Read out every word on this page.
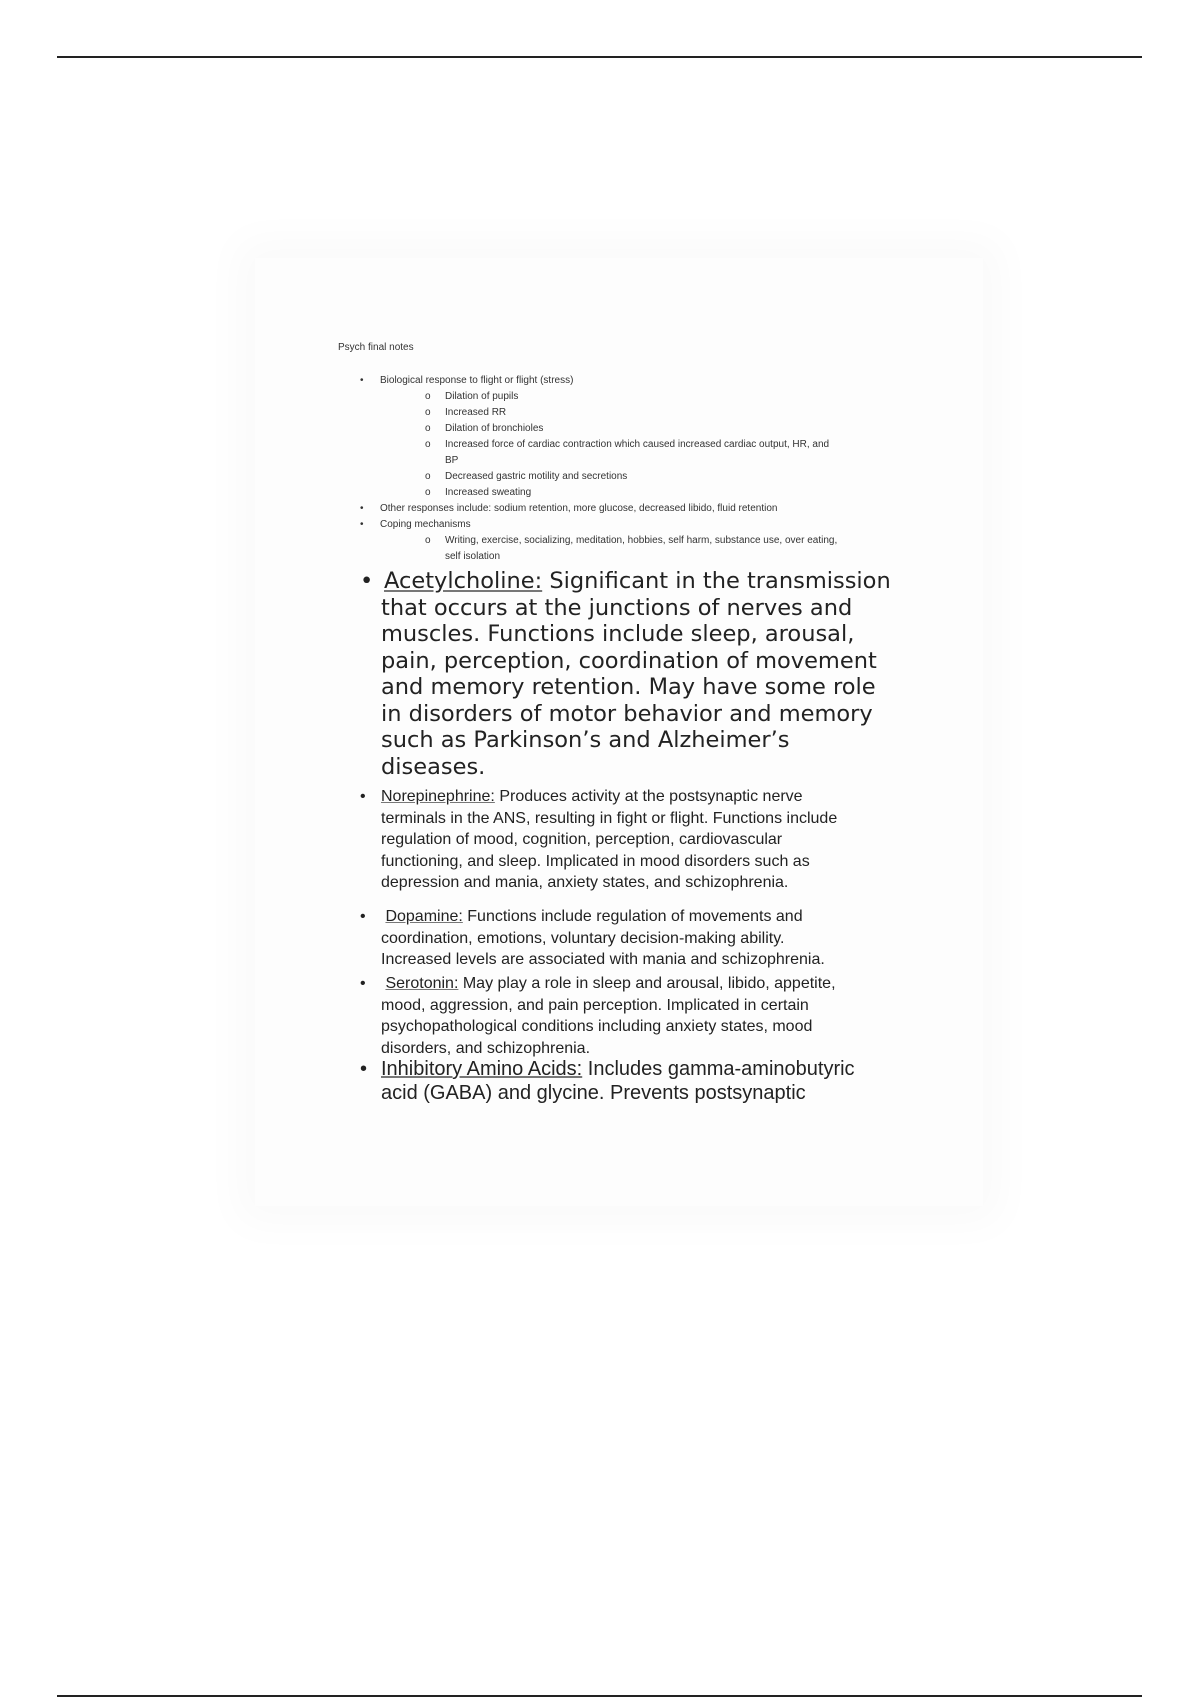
Psych final notes
• Biological response to flight or flight (stress)
o Dilation of pupils
o Increased RR
o Dilation of bronchioles
o Increased force of cardiac contraction which caused increased cardiac output, HR, and
BP
o Decreased gastric motility and secretions
o Increased sweating
• Other responses include: sodium retention, more glucose, decreased libido, fluid retention
• Coping mechanisms
o Writing, exercise, socializing, meditation, hobbies, self harm, substance use, over eating,
self isolation
• Acetylcholine: Significant in the transmission
that occurs at the junctions of nerves and
muscles. Functions include sleep, arousal,
pain, perception, coordination of movement
and memory retention. May have some role
in disorders of motor behavior and memory
such as Parkinson’s and Alzheimer’s
diseases.
• Norepinephrine: Produces activity at the postsynaptic nerve
terminals in the ANS, resulting in fight or flight. Functions include
regulation of mood, cognition, perception, cardiovascular
functioning, and sleep. Implicated in mood disorders such as
depression and mania, anxiety states, and schizophrenia.
• Dopamine: Functions include regulation of movements and
coordination, emotions, voluntary decision-making ability.
Increased levels are associated with mania and schizophrenia.
• Serotonin: May play a role in sleep and arousal, libido, appetite,
mood, aggression, and pain perception. Implicated in certain
psychopathological conditions including anxiety states, mood
disorders, and schizophrenia.
• Inhibitory Amino Acids: Includes gamma-aminobutyric
acid (GABA) and glycine. Prevents postsynaptic
